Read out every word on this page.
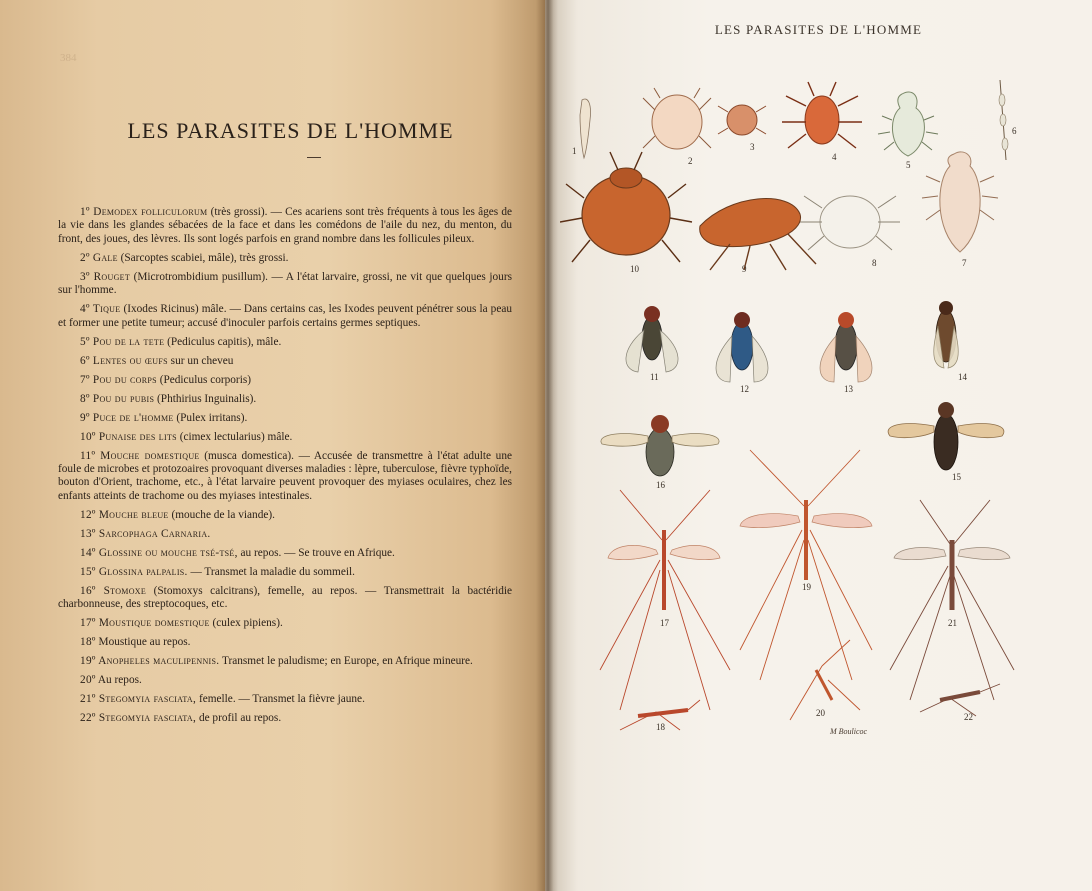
384
LES PARASITES DE L'HOMME

1º Demodex folliculorum (très grossi). — Ces acariens sont très fréquents à tous les âges de la vie dans les glandes sébacées de la face et dans les comédons de l'aile du nez, du menton, du front, des joues, des lèvres. Ils sont logés parfois en grand nombre dans les follicules pileux.

2º Gale (Sarcoptes scabiei, mâle), très grossi.

3º Rouget (Microtrombidium pusillum). — A l'état larvaire, grossi, ne vit que quelques jours sur l'homme.

4º Tique (Ixodes Ricinus) mâle. — Dans certains cas, les Ixodes peuvent pénétrer sous la peau et former une petite tumeur; accusé d'inoculer parfois certains germes septiques.

5º Pou de la tete (Pediculus capitis), mâle.

6º Lentes ou œufs sur un cheveu

7º Pou du corps (Pediculus corporis)

8º Pou du pubis (Phthirius Inguinalis).

9º Puce de l'homme (Pulex irritans).

10º Punaise des lits (cimex lectularius) mâle.

11º Mouche domestique (musca domestica). — Accusée de transmettre à l'état adulte une foule de microbes et protozoaires provoquant diverses maladies : lèpre, tuberculose, fièvre typhoïde, bouton d'Orient, trachome, etc., à l'état larvaire peuvent provoquer des myiases oculaires, chez les enfants atteints de trachome ou des myiases intestinales.

12º Mouche bleue (mouche de la viande).

13º Sarcophaga Carnaria.

14º Glossine ou mouche tsé-tsé, au repos. — Se trouve en Afrique.

15º Glossina palpalis. — Transmet la maladie du sommeil.

16º Stomoxe (Stomoxys calcitrans), femelle, au repos. — Transmettrait la bactéridie charbonneuse, des streptocoques, etc.

17º Moustique domestique (culex pipiens).

18º Moustique au repos.

19º Anopheles maculipennis. Transmet le paludisme; en Europe, en Afrique mineure.

20º Au repos.

21º Stegomyia fasciata, femelle. — Transmet la fièvre jaune.

22º Stegomyia fasciata, de profil au repos.

LES PARASITES DE L'HOMME
1
2
3
4
5
6
7
8
9
10
11
12	13
14
15
16
17
18
19
20
21
22
M Boulicoc
